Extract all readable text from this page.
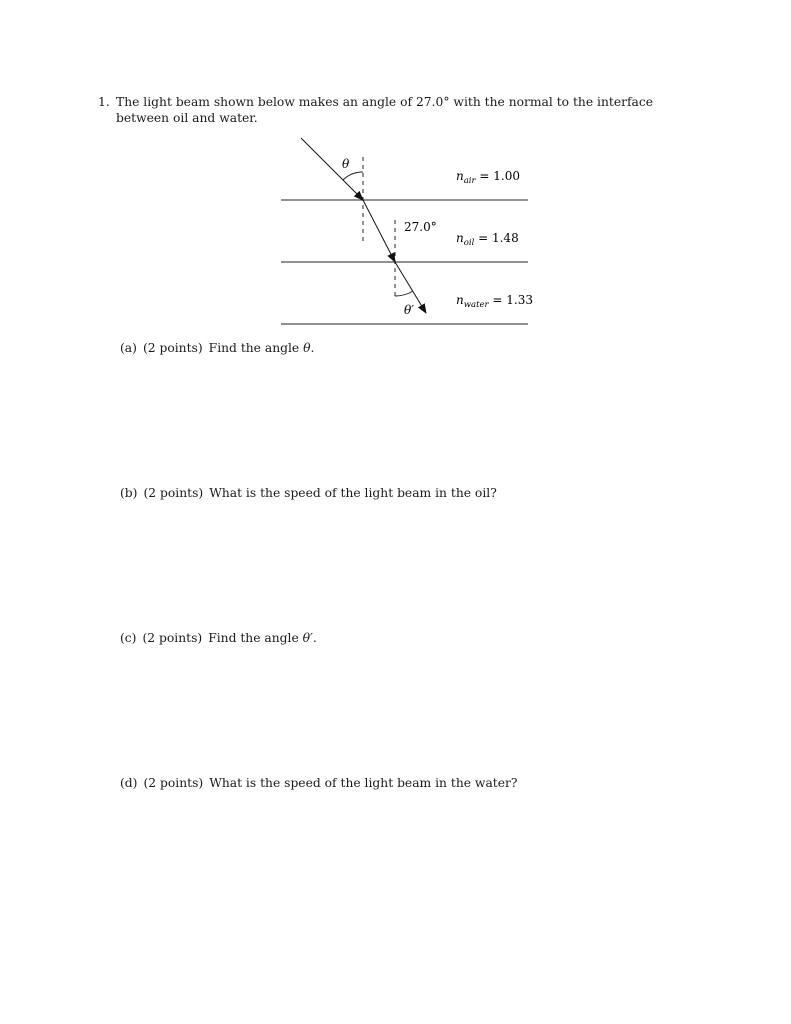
1. The light beam shown below makes an angle of 27.0° with the normal to the interface between oil and water.
θ
27.0°
θ′
$n_{air} = 1.00$
$n_{oil} = 1.48$
$n_{water} = 1.33$
(a) (2 points) Find the angle θ.
(b) (2 points) What is the speed of the light beam in the oil?
(c) (2 points) Find the angle θ′.
(d) (2 points) What is the speed of the light beam in the water?
